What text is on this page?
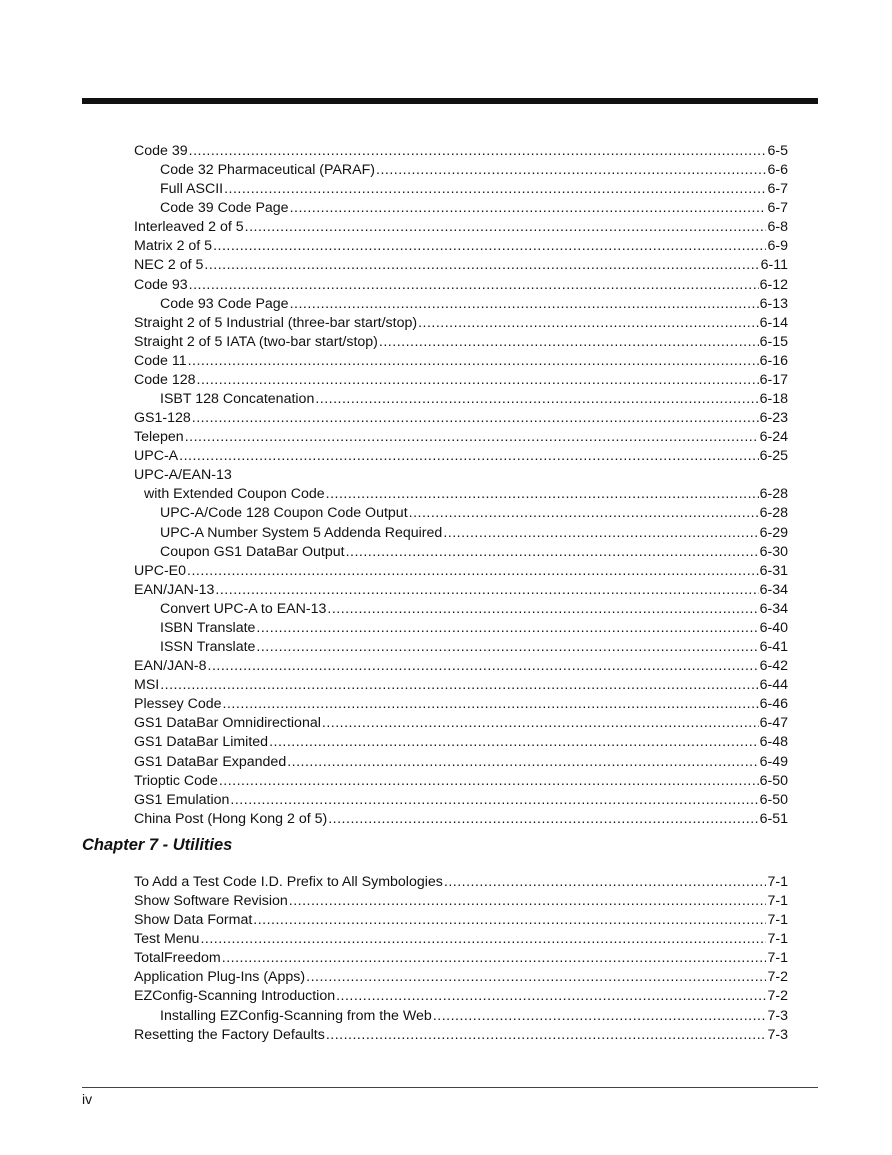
Code 39 .....	6-5
Code 32 Pharmaceutical (PARAF) .....	6-6
Full ASCII .....	6-7
Code 39 Code Page .....	6-7
Interleaved 2 of 5 .....	6-8
Matrix 2 of 5 .....	6-9
NEC 2 of 5 .....	6-11
Code 93 .....	6-12
Code 93 Code Page .....	6-13
Straight 2 of 5 Industrial (three-bar start/stop) .....	6-14
Straight 2 of 5 IATA (two-bar start/stop) .....	6-15
Code 11 .....	6-16
Code 128 .....	6-17
ISBT 128 Concatenation .....	6-18
GS1-128 .....	6-23
Telepen .....	6-24
UPC-A .....	6-25
UPC-A/EAN-13
with Extended Coupon Code .....	6-28
UPC-A/Code 128 Coupon Code Output .....	6-28
UPC-A Number System 5 Addenda Required .....	6-29
Coupon GS1 DataBar Output .....	6-30
UPC-E0 .....	6-31
EAN/JAN-13 .....	6-34
Convert UPC-A to EAN-13 .....	6-34
ISBN Translate .....	6-40
ISSN Translate .....	6-41
EAN/JAN-8 .....	6-42
MSI .....	6-44
Plessey Code .....	6-46
GS1 DataBar Omnidirectional .....	6-47
GS1 DataBar Limited .....	6-48
GS1 DataBar Expanded .....	6-49
Trioptic Code .....	6-50
GS1 Emulation .....	6-50
China Post (Hong Kong 2 of 5) .....	6-51
Chapter 7 - Utilities
To Add a Test Code I.D. Prefix to All Symbologies .....	7-1
Show Software Revision .....	7-1
Show Data Format .....	7-1
Test Menu .....	7-1
TotalFreedom .....	7-1
Application Plug-Ins (Apps) .....	7-2
EZConfig-Scanning Introduction .....	7-2
Installing EZConfig-Scanning from the Web .....	7-3
Resetting the Factory Defaults .....	7-3
iv
